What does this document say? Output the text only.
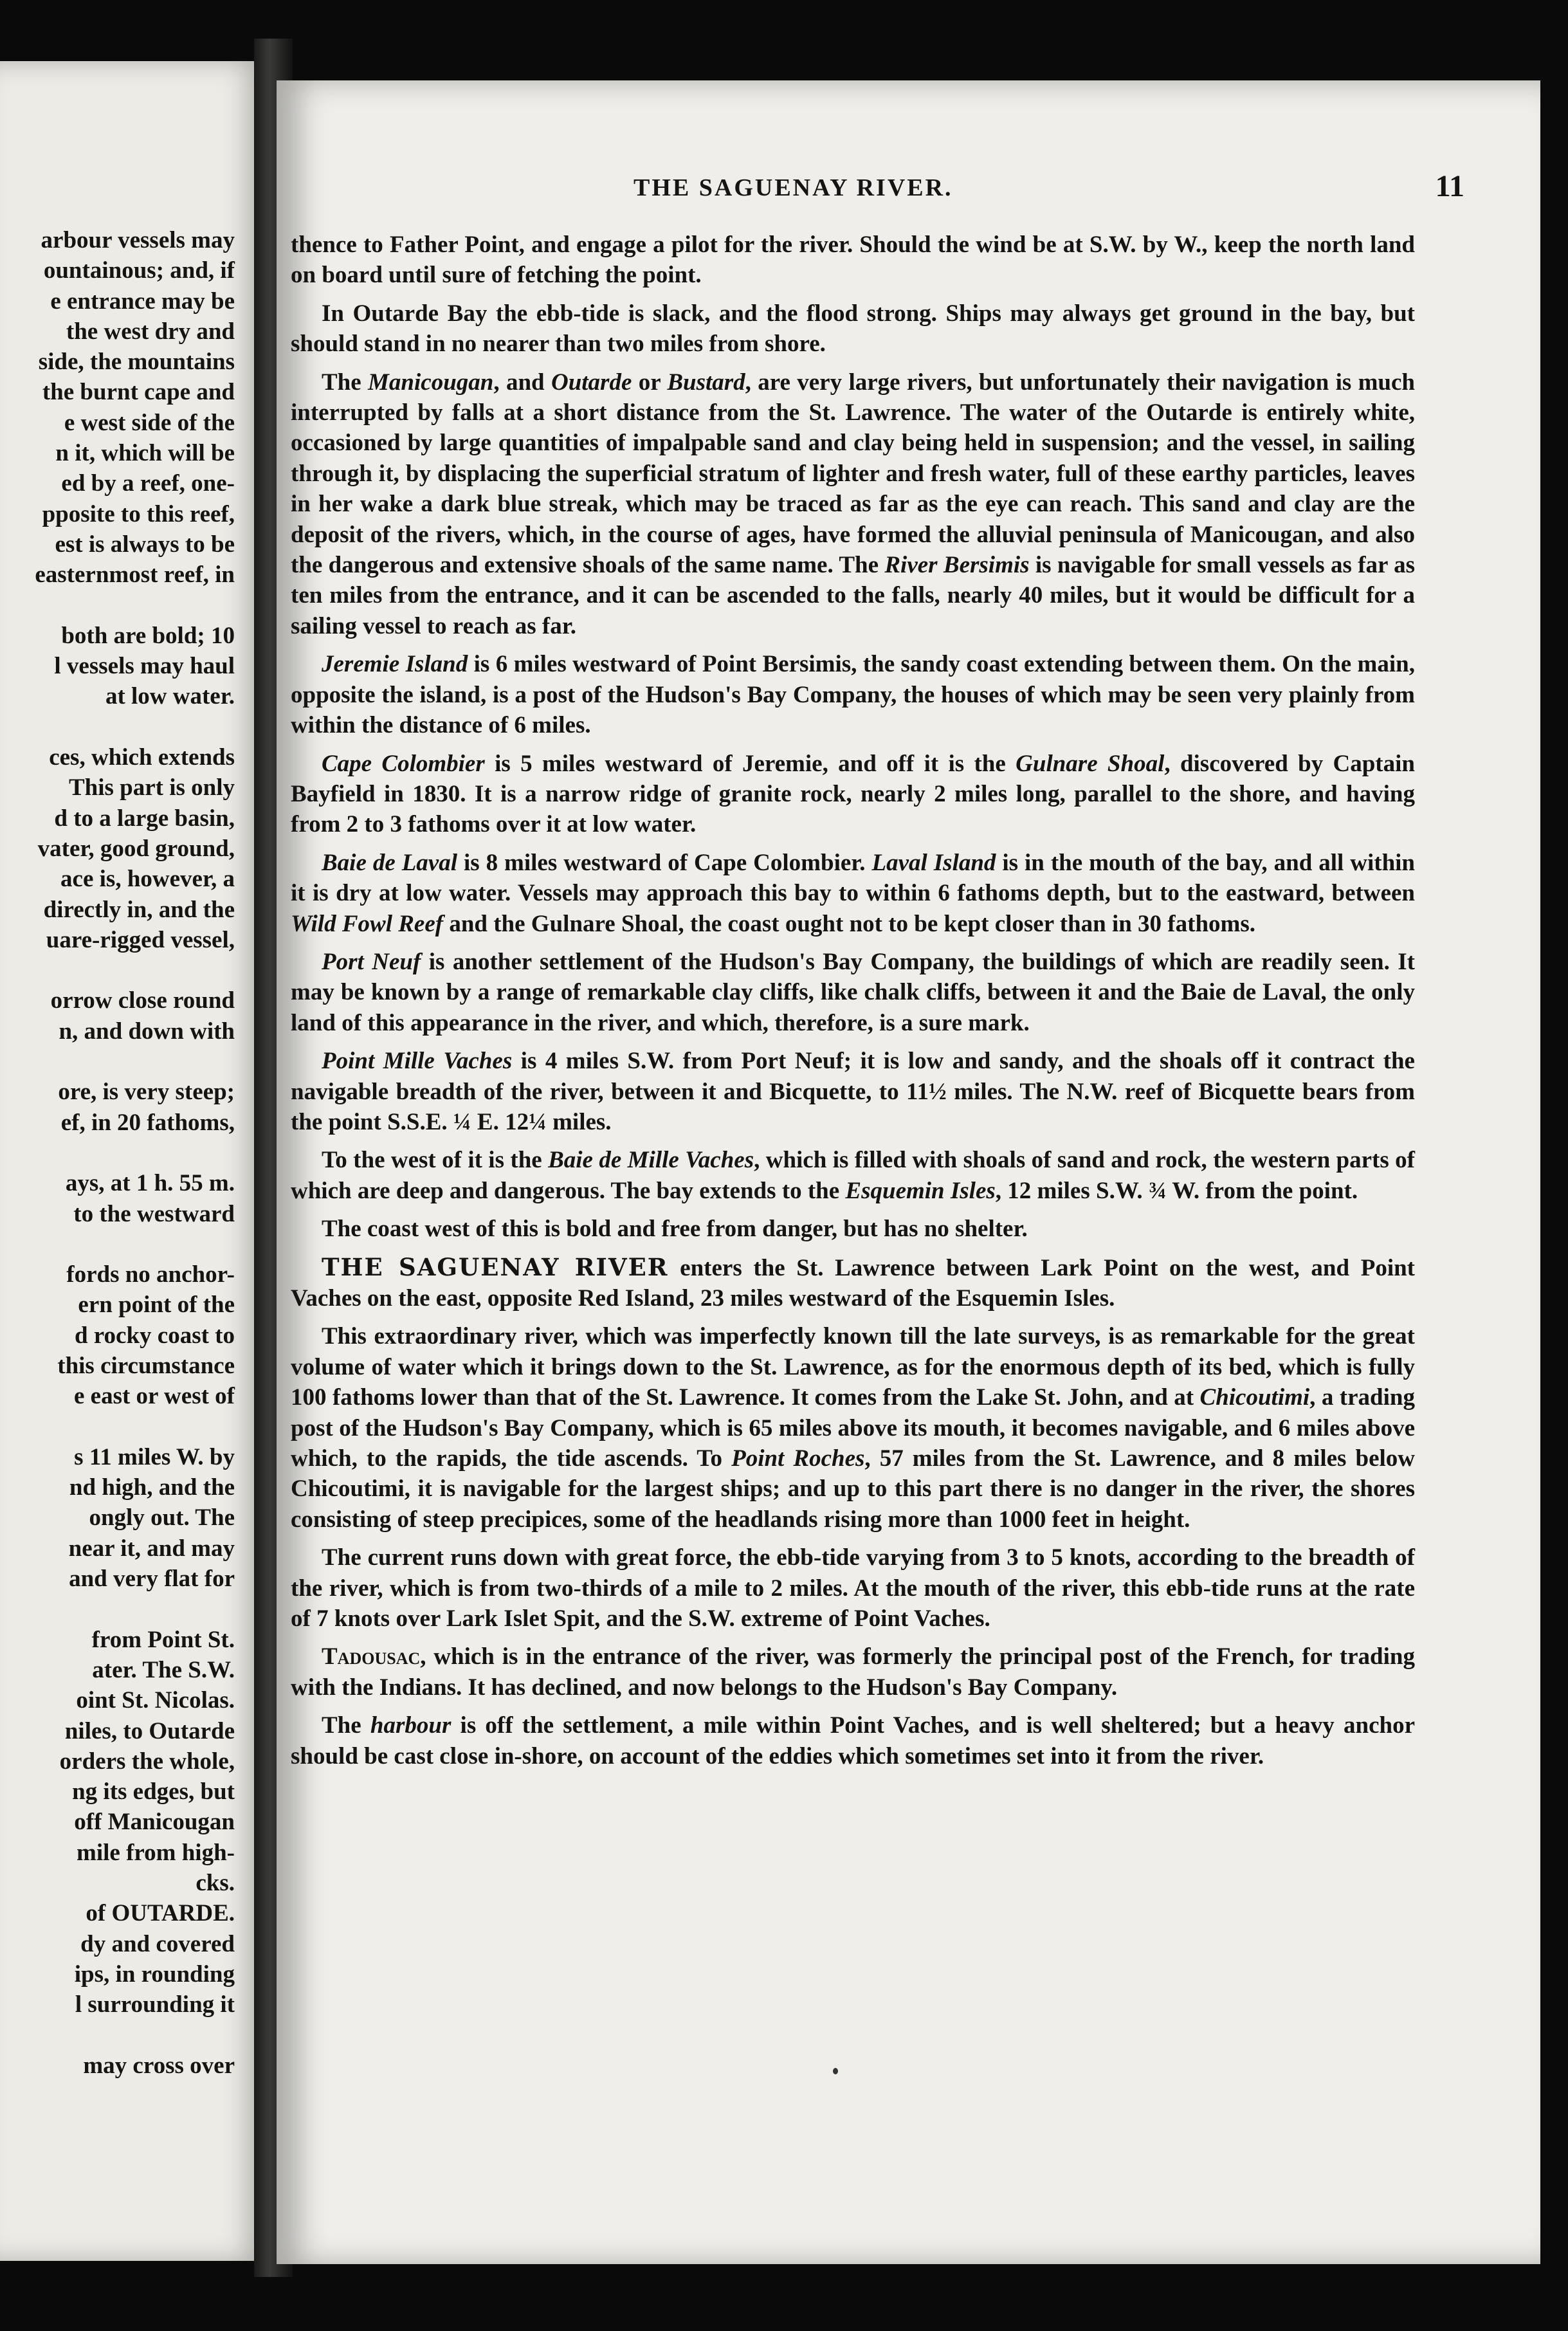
arbour vessels may
ountainous; and, if
e entrance may be
the west dry and
side, the mountains
the burnt cape and
e west side of the
n it, which will be
ed by a reef, one-
pposite to this reef,
est is always to be
easternmost reef, in
both are bold; 10
l vessels may haul
at low water.
ces, which extends
This part is only
d to a large basin,
vater, good ground,
ace is, however, a
directly in, and the
uare-rigged vessel,
orrow close round
n, and down with
ore, is very steep;
ef, in 20 fathoms,
ays, at 1 h. 55 m.
to the westward
fords no anchor-
ern point of the
d rocky coast to
this circumstance
e east or west of
s 11 miles W. by
nd high, and the
ongly out. The
near it, and may
and very flat for
from Point St.
ater. The S.W.
oint St. Nicolas.
niles, to Outarde
orders the whole,
ng its edges, but
off Manicougan
mile from high-
cks.
of OUTARDE.
dy and covered
ips, in rounding
l surrounding it
may cross over
THE SAGUENAY RIVER.	11

thence to Father Point, and engage a pilot for the river. Should the wind be at S.W. by W., keep the north land on board until sure of fetching the point.

In Outarde Bay the ebb-tide is slack, and the flood strong. Ships may always get ground in the bay, but should stand in no nearer than two miles from shore.

The Manicougan, and Outarde or Bustard, are very large rivers, but unfortunately their navigation is much interrupted by falls at a short distance from the St. Lawrence. The water of the Outarde is entirely white, occasioned by large quantities of impalpable sand and clay being held in suspension; and the vessel, in sailing through it, by displacing the superficial stratum of lighter and fresh water, full of these earthy particles, leaves in her wake a dark blue streak, which may be traced as far as the eye can reach. This sand and clay are the deposit of the rivers, which, in the course of ages, have formed the alluvial peninsula of Manicougan, and also the dangerous and extensive shoals of the same name. The River Bersimis is navigable for small vessels as far as ten miles from the entrance, and it can be ascended to the falls, nearly 40 miles, but it would be difficult for a sailing vessel to reach as far.

Jeremie Island is 6 miles westward of Point Bersimis, the sandy coast extending between them. On the main, opposite the island, is a post of the Hudson's Bay Company, the houses of which may be seen very plainly from within the distance of 6 miles.

Cape Colombier is 5 miles westward of Jeremie, and off it is the Gulnare Shoal, discovered by Captain Bayfield in 1830. It is a narrow ridge of granite rock, nearly 2 miles long, parallel to the shore, and having from 2 to 3 fathoms over it at low water.

Baie de Laval is 8 miles westward of Cape Colombier. Laval Island is in the mouth of the bay, and all within it is dry at low water. Vessels may approach this bay to within 6 fathoms depth, but to the eastward, between Wild Fowl Reef and the Gulnare Shoal, the coast ought not to be kept closer than in 30 fathoms.

Port Neuf is another settlement of the Hudson's Bay Company, the buildings of which are readily seen. It may be known by a range of remarkable clay cliffs, like chalk cliffs, between it and the Baie de Laval, the only land of this appearance in the river, and which, therefore, is a sure mark.

Point Mille Vaches is 4 miles S.W. from Port Neuf; it is low and sandy, and the shoals off it contract the navigable breadth of the river, between it and Bicquette, to 11½ miles. The N.W. reef of Bicquette bears from the point S.S.E. ¼ E. 12¼ miles.

To the west of it is the Baie de Mille Vaches, which is filled with shoals of sand and rock, the western parts of which are deep and dangerous. The bay extends to the Esquemin Isles, 12 miles S.W. ¾ W. from the point.

The coast west of this is bold and free from danger, but has no shelter.

THE SAGUENAY RIVER enters the St. Lawrence between Lark Point on the west, and Point Vaches on the east, opposite Red Island, 23 miles westward of the Esquemin Isles.

This extraordinary river, which was imperfectly known till the late surveys, is as remarkable for the great volume of water which it brings down to the St. Lawrence, as for the enormous depth of its bed, which is fully 100 fathoms lower than that of the St. Lawrence. It comes from the Lake St. John, and at Chicoutimi, a trading post of the Hudson's Bay Company, which is 65 miles above its mouth, it becomes navigable, and 6 miles above which, to the rapids, the tide ascends. To Point Roches, 57 miles from the St. Lawrence, and 8 miles below Chicoutimi, it is navigable for the largest ships; and up to this part there is no danger in the river, the shores consisting of steep precipices, some of the headlands rising more than 1000 feet in height.

The current runs down with great force, the ebb-tide varying from 3 to 5 knots, according to the breadth of the river, which is from two-thirds of a mile to 2 miles. At the mouth of the river, this ebb-tide runs at the rate of 7 knots over Lark Islet Spit, and the S.W. extreme of Point Vaches.

Tadousac, which is in the entrance of the river, was formerly the principal post of the French, for trading with the Indians. It has declined, and now belongs to the Hudson's Bay Company.

The harbour is off the settlement, a mile within Point Vaches, and is well sheltered; but a heavy anchor should be cast close in-shore, on account of the eddies which sometimes set into it from the river.
